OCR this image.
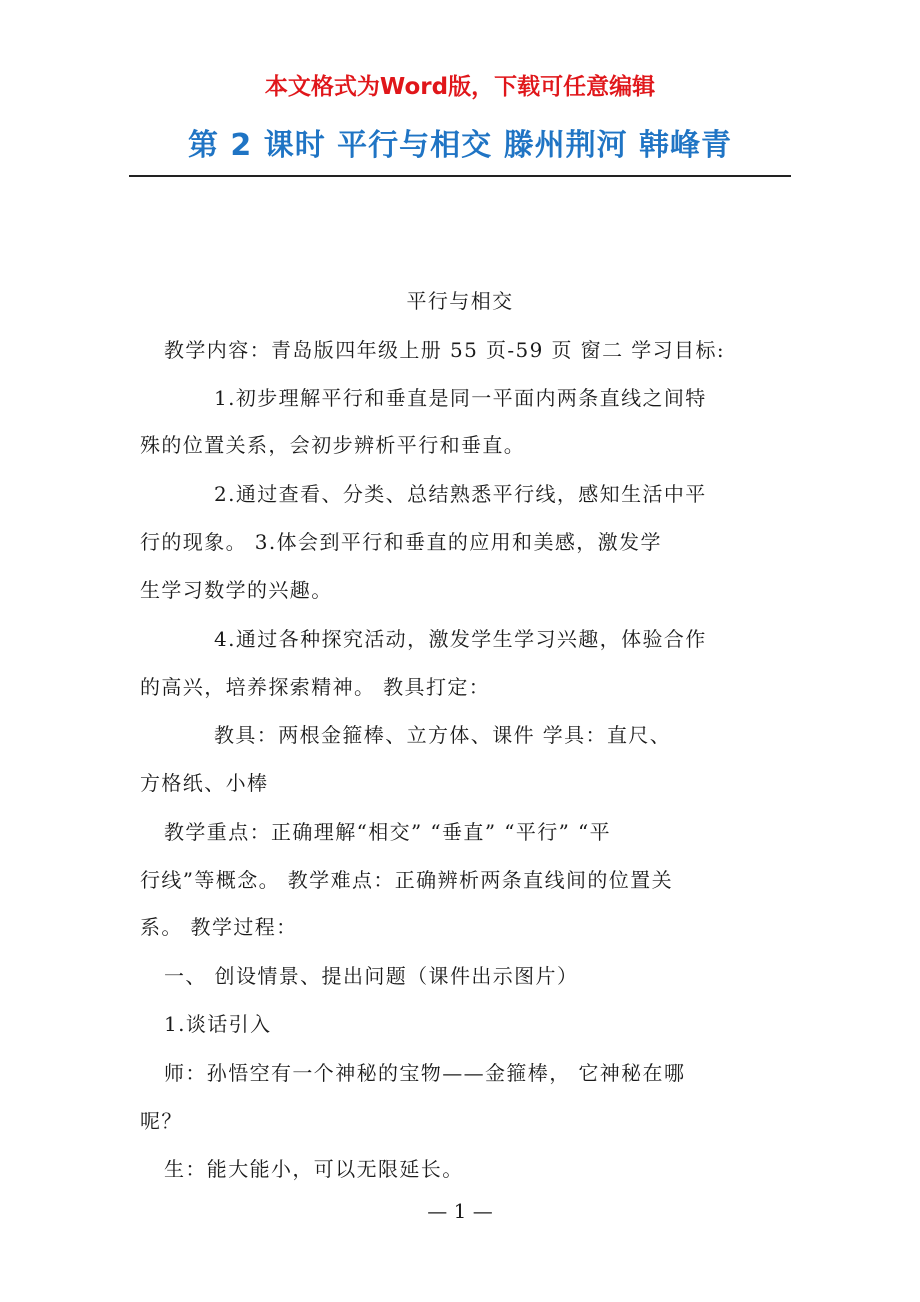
本文格式为Word版，下载可任意编辑
第 2 课时 平行与相交 滕州荆河 韩峰青
平行与相交
教学内容：青岛版四年级上册 55 页-59 页 窗二 学习目标:
1.初步理解平行和垂直是同一平面内两条直线之间特
殊的位置关系，会初步辨析平行和垂直。
2.通过查看、分类、总结熟悉平行线，感知生活中平
行的现象。 3.体会到平行和垂直的应用和美感，激发学
生学习数学的兴趣。
4.通过各种探究活动，激发学生学习兴趣，体验合作
的高兴，培养探索精神。 教具打定：
教具：两根金箍棒、立方体、课件 学具：直尺、
方格纸、小棒
教学重点：正确理解“相交” “垂直” “平行” “平
行线”等概念。 教学难点：正确辨析两条直线间的位置关
系。 教学过程：
一、 创设情景、提出问题（课件出示图片）
1.谈话引入
师：孙悟空有一个神秘的宝物——金箍棒， 它神秘在哪
呢？
生：能大能小，可以无限延长。
— 1 —
